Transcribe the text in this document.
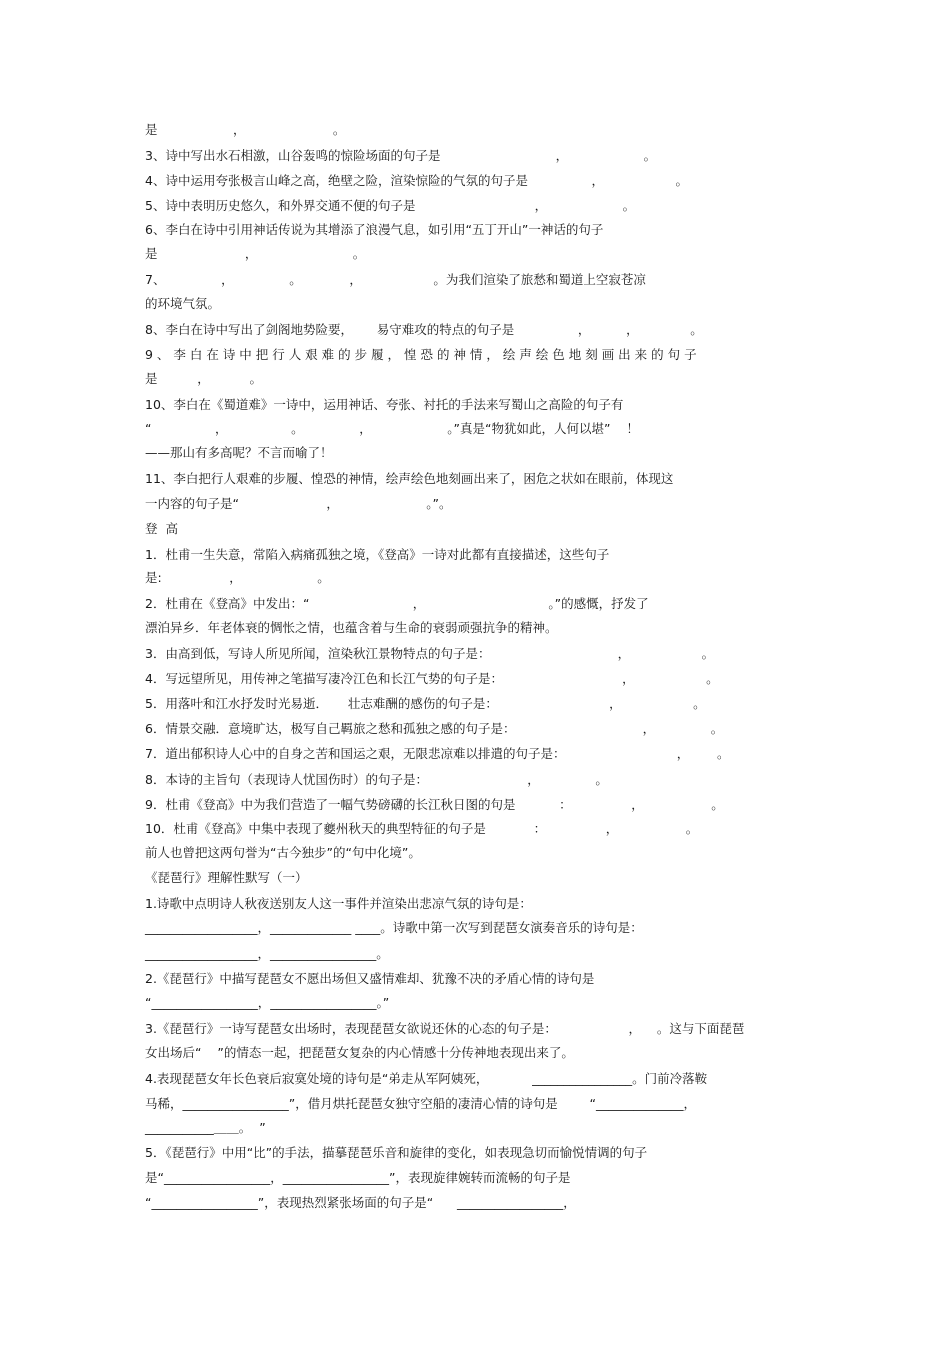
是                   ，                      。

3、诗中写出水石相激，山谷轰鸣的惊险场面的句子是                             ，                   。

4、诗中运用夸张极言山峰之高，绝壁之险，渲染惊险的气氛的句子是                ，                  。

5、诗中表明历史悠久，和外界交通不便的句子是                              ，                   。

6、李白在诗中引用神话传说为其增添了浪漫气息，如引用“五丁开山”一神话的句子

是                      ，                        。

7、              ，              。            ，                  。为我们渲染了旅愁和蜀道上空寂苍凉

的环境气氛。

8、李白在诗中写出了剑阁地势险要，      易守难攻的特点的句子是                ，         ，             。

9 、 李 白 在 诗 中 把 行 人 艰 难 的 步 履 ， 惶 恐 的 神 情 ， 绘 声 绘 色 地 刻 画 出 来 的 句 子

是          ，          。

10、李白在《蜀道难》一诗中，运用神话、夸张、衬托的手法来写蜀山之高险的句子有

“                ，                。              ，                   。”真是“物犹如此，人何以堪”    ！

——那山有多高呢？不言而喻了！

11、李白把行人艰难的步履、惶恐的神情，绘声绘色地刻画出来了，困危之状如在眼前，体现这

一内容的句子是“                      ，                      。”。

登  高

1．杜甫一生失意，常陷入病痛孤独之境，《登高》一诗对此都有直接描述，这些句子

是:                 ，                   。

2．杜甫在《登高》中发出：“                          ，                               。”的感慨，抒发了

漂泊异乡．年老体衰的惆怅之情，也蕴含着与生命的衰弱顽强抗争的精神。

3．由高到低，写诗人所见所闻，渲染秋江景物特点的句子是：                                ，                  。

4．写远望所见，用传神之笔描写凄冷江色和长江气势的句子是：                              ，                  。

5．用落叶和江水抒发时光易逝．     壮志难酬的感伤的句子是：                            ，                  。

6．情景交融．意境旷达，极写自己羁旅之愁和孤独之感的句子是：                                ，              。

7．道出郁积诗人心中的自身之苦和国运之艰，无限悲凉难以排遣的句子是：                            ，       。

8．本诗的主旨句（表现诗人忧国伤时）的句子是：                         ，              。

9．杜甫《登高》中为我们营造了一幅气势磅礴的长江秋日图的句是           ：               ，                 。

10．杜甫《登高》中集中表现了夔州秋天的典型特征的句子是            ：               ，                 。

前人也曾把这两句誉为“古今独步”的“句中化境”。

《琵琶行》理解性默写（一）

1.诗歌中点明诗人秋夜送别友人这一事件并渲染出悲凉气氛的诗句是：

__________________，_____________ ____。诗歌中第一次写到琵琶女演奏音乐的诗句是：

__________________，_________________。

2.《琵琶行》中描写琵琶女不愿出场但又盛情难却、犹豫不决的矛盾心情的诗句是

“_________________，_________________。”

3.《琵琶行》一诗写琵琶女出场时，表现琵琶女欲说还休的心态的句子是：                  ，    。这与下面琵琶

女出场后“    ”的情态一起，把琵琶女复杂的内心情感十分传神地表现出来了。

4.表现琵琶女年长色衰后寂寞处境的诗句是“弟走从军阿姨死，           ________________。门前冷落鞍

马稀，_________________”，借月烘托琵琶女独守空船的凄清心情的诗句是        “______________，

___________＿＿。  ”

5．《琵琶行》中用“比”的手法，描摹琵琶乐音和旋律的变化，如表现急切而愉悦情调的句子

是“_________________，_________________”，表现旋律婉转而流畅的句子是

“_________________”，表现热烈紧张场面的句子是“      _________________，
